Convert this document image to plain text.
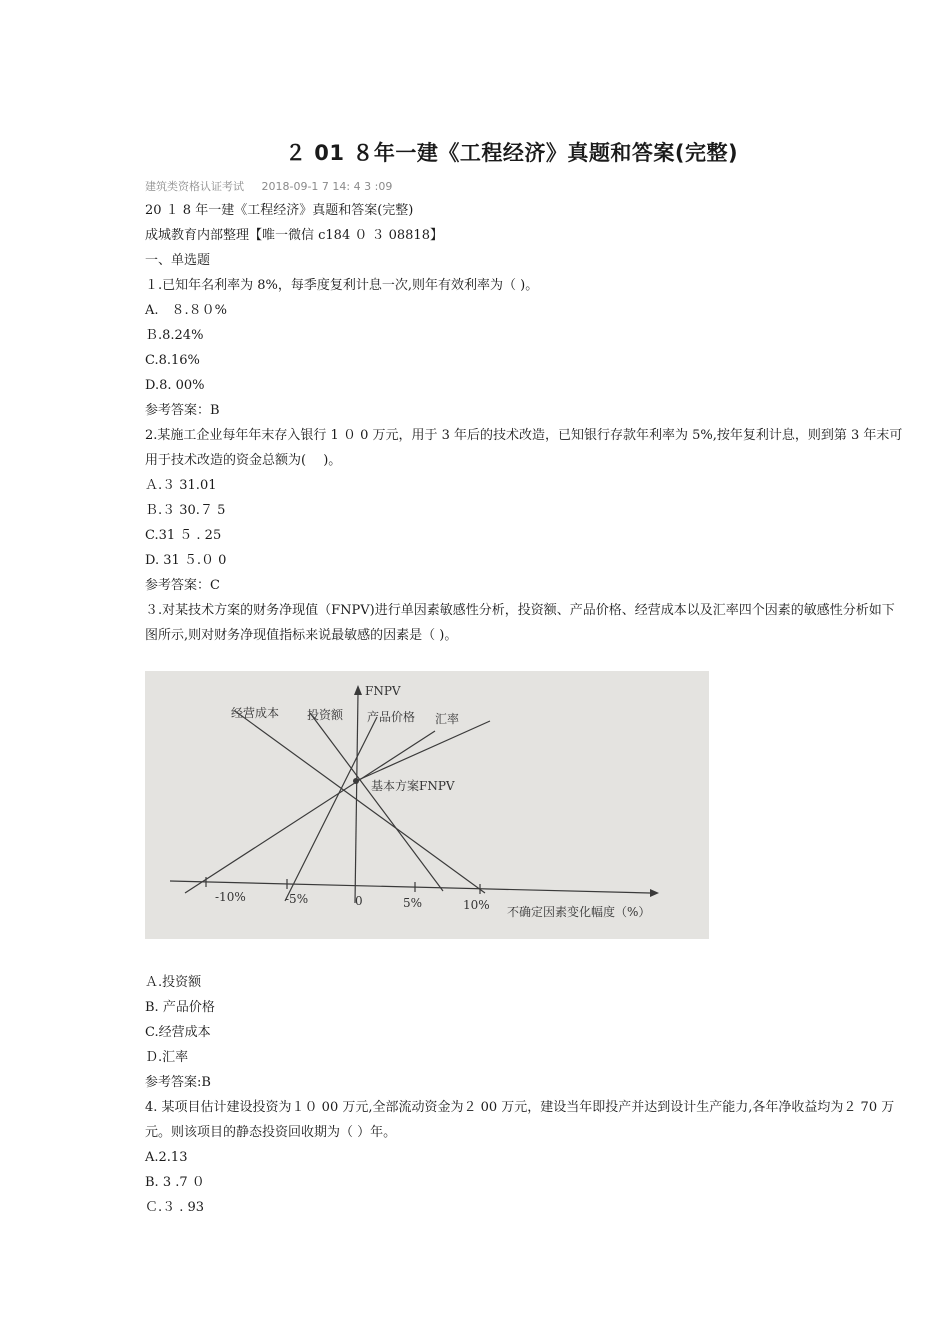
２ 01 ８年一建《工程经济》真题和答案(完整)
建筑类资格认证考试 2018-09-1 7 14: 4 3 :09
20 １ 8 年一建《工程经济》真题和答案(完整)
成城教育内部整理【唯一微信 c184 ０ ３ 08818】
一、单选题
１.已知年名利率为 8%，每季度复利计息一次,则年有效利率为（ )。
A.　８.８０%
Ｂ.8.24%
C.8.16%
D.8. 00%
参考答案：B
2.某施工企业每年年末存入银行 1 ０ 0 万元，用于 3 年后的技术改造，已知银行存款年利率为 5%,按年复利计息，则到第 3 年末可用于技术改造的资金总额为(　 )。
Ａ.３ 31.01
Ｂ.３ 30.７ 5
C.31 ５ . 25
D. 31 ５.０ 0
参考答案：C
３.对某技术方案的财务净现值（FNPV)进行单因素敏感性分析，投资额、产品价格、经营成本以及汇率四个因素的敏感性分析如下图所示,则对财务净现值指标来说最敏感的因素是（ )。
FNPV
基本方案FNPV
经营成本 投资额 产品价格 汇率
-10%	-5%	0	5%	10% 不确定因素变化幅度（%）
Ａ.投资额
B. 产品价格
C.经营成本
Ｄ.汇率
参考答案:B
4. 某项目估计建设投资为１０ 00 万元,全部流动资金为２ 00 万元，建设当年即投产并达到设计生产能力,各年净收益均为２ 70 万元。则该项目的静态投资回收期为（ ）年。
A.2.13
B. 3 .7 ０
Ｃ.３ . 93
